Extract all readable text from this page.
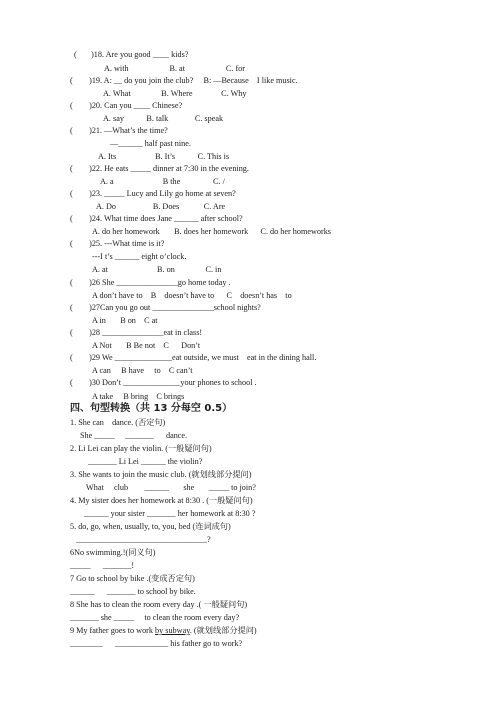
( )18. Are you good ____ kids?
A. with                    B. at                    C. for
(        )19. A: __ do you join the club?     B: —Because    I like music.
A. What               B. Where              C. Why
(        )20. Can you ____ Chinese?
A. say           B. talk             C. speak
(        )21. —What’s the time?
—______ half past nine.
A. Its                   B. It’s           C. This is
(        )22. He eats _____ dinner at 7:30 in the evening.
A. a                        B the                C. /
(        )23. _____ Lucy and Lily go home at seven?
A. Do                  B. Does            C. Are
(        )24. What time does Jane ______ after school?
A. do her homework       B. does her homework      C. do her homeworks
(        )25. ---What time is it?
---I t’s ______ eight o’clock.
A. at                        B. on               C. in
(        )26 She _______________go home today .
A don’t have to    B    doesn’t have to      C    doesn’t has    to
(        )27Can you go out _______________school nights?
A in       B on    C at
(        )28 _______________eat in class!
A Not       B Be not    C      Don’t
(        )29 We ______________eat outside, we must    eat in the dining hall.
A can     B have     to    C can’t
(        )30 Don’t ______________your phones to school .
A take     B bring    C brings
四、句型转换（共 13 分每空 0.5）
1. She can    dance. (否定句)
She _____     _______      dance.
2. Li Lei can play the violin. (一般疑问句)
_______ Li Lei ______ the violin?
3. She wants to join the music club. (就划线部分提问)
What     club        ______       she       _____ to join?
4. My sister does her homework at 8:30 . (一般疑问句)
______ your sister _______ her homework at 8:30 ?
5. do, go, when, usually, to, you, bed (连词成句)
________________________________?
6No swimming.!(同义句)
_____      _______!
7 Go to school by bike .(变成否定句)
______      _______ to school by bike.
8 She has to clean the room every day .( 一般疑问句)
_______ she _____     to clean the room every day?
9 My father goes to work by subway. (就划线部分提问)
________      _____________ his father go to work?
